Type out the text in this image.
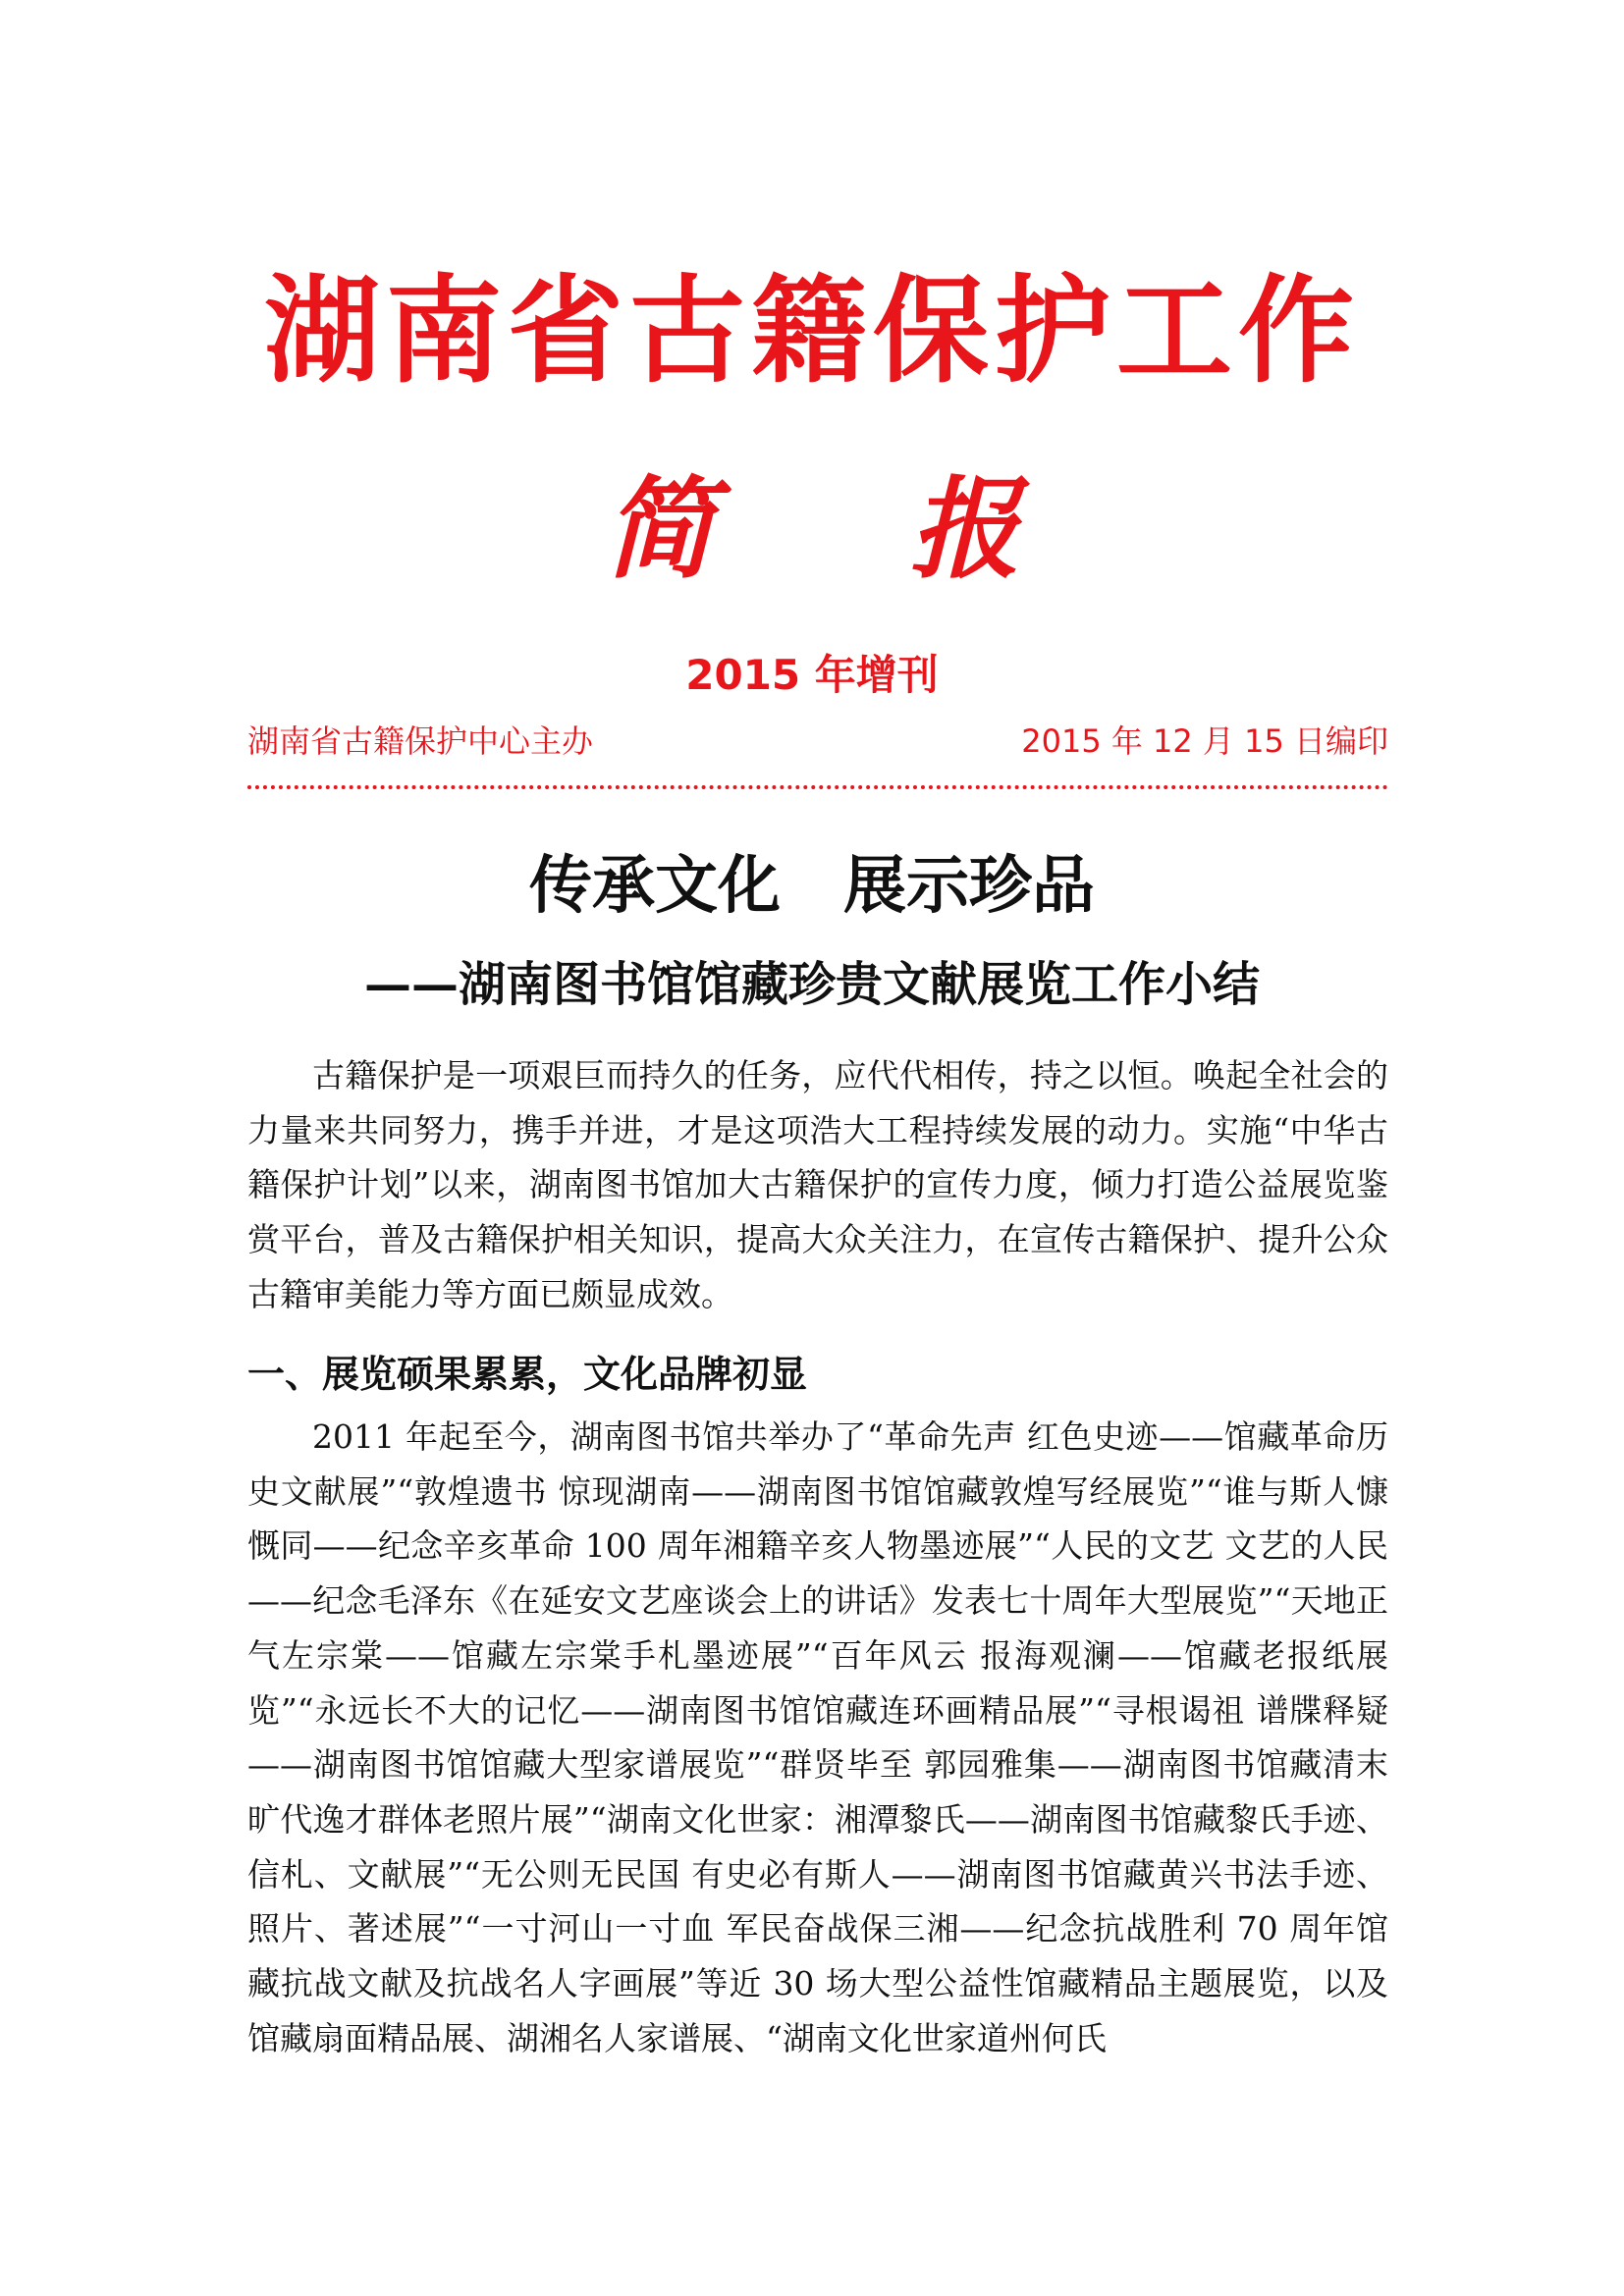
湖南省古籍保护工作
简 报
2015 年增刊
湖南省古籍保护中心主办	2015 年 12 月 15 日编印
传承文化　展示珍品
——湖南图书馆馆藏珍贵文献展览工作小结

古籍保护是一项艰巨而持久的任务，应代代相传，持之以恒。唤起全社会的力量来共同努力，携手并进，才是这项浩大工程持续发展的动力。实施“中华古籍保护计划”以来，湖南图书馆加大古籍保护的宣传力度，倾力打造公益展览鉴赏平台，普及古籍保护相关知识，提高大众关注力，在宣传古籍保护、提升公众古籍审美能力等方面已颇显成效。

一、展览硕果累累，文化品牌初显

2011 年起至今，湖南图书馆共举办了“革命先声 红色史迹——馆藏革命历史文献展”“敦煌遗书 惊现湖南——湖南图书馆馆藏敦煌写经展览”“谁与斯人慷慨同——纪念辛亥革命 100 周年湘籍辛亥人物墨迹展”“人民的文艺 文艺的人民——纪念毛泽东《在延安文艺座谈会上的讲话》发表七十周年大型展览”“天地正气左宗棠——馆藏左宗棠手札墨迹展”“百年风云 报海观澜——馆藏老报纸展览”“永远长不大的记忆——湖南图书馆馆藏连环画精品展”“寻根谒祖 谱牒释疑——湖南图书馆馆藏大型家谱展览”“群贤毕至 郭园雅集——湖南图书馆藏清末旷代逸才群体老照片展”“湖南文化世家：湘潭黎氏——湖南图书馆藏黎氏手迹、信札、文献展”“无公则无民国 有史必有斯人——湖南图书馆藏黄兴书法手迹、照片、著述展”“一寸河山一寸血 军民奋战保三湘——纪念抗战胜利 70 周年馆藏抗战文献及抗战名人字画展”等近 30 场大型公益性馆藏精品主题展览，以及馆藏扇面精品展、湖湘名人家谱展、“湖南文化世家道州何氏
